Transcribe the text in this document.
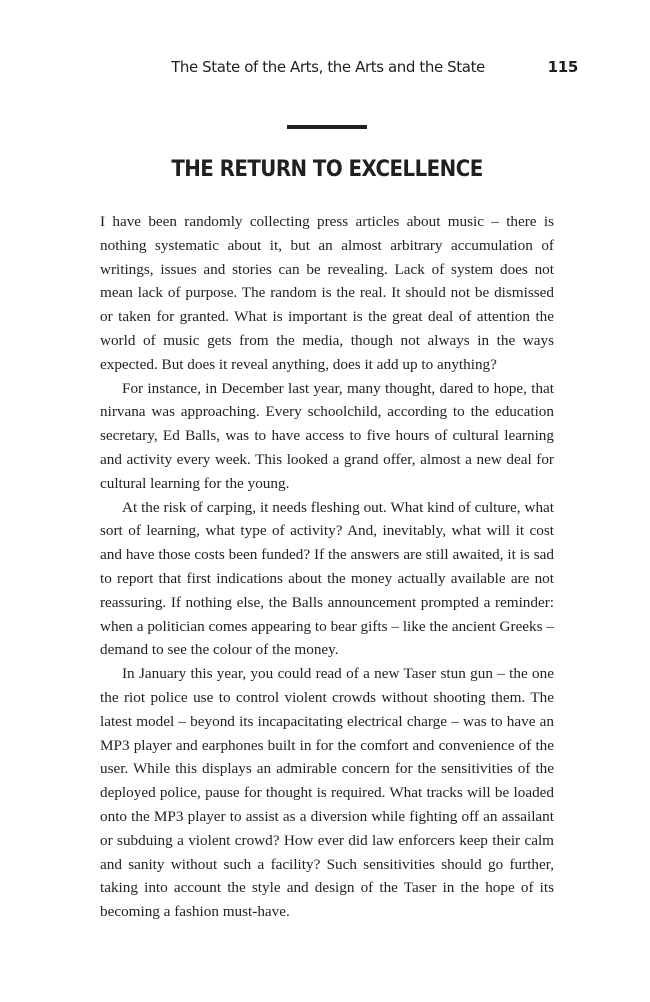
The State of the Arts, the Arts and the State	115
THE RETURN TO EXCELLENCE

I have been randomly collecting press articles about music – there is nothing systematic about it, but an almost arbitrary accumulation of writings, issues and stories can be revealing. Lack of system does not mean lack of purpose. The random is the real. It should not be dismissed or taken for granted. What is important is the great deal of attention the world of music gets from the media, though not always in the ways expected. But does it reveal anything, does it add up to anything?

For instance, in December last year, many thought, dared to hope, that nirvana was approaching. Every schoolchild, according to the education secretary, Ed Balls, was to have access to five hours of cultural learning and activity every week. This looked a grand offer, almost a new deal for cultural learning for the young.

At the risk of carping, it needs fleshing out. What kind of culture, what sort of learning, what type of activity? And, inevitably, what will it cost and have those costs been funded? If the answers are still awaited, it is sad to report that first indications about the money actually available are not reassuring. If nothing else, the Balls announcement prompted a reminder: when a politician comes appearing to bear gifts – like the ancient Greeks – demand to see the colour of the money.

In January this year, you could read of a new Taser stun gun – the one the riot police use to control violent crowds without shooting them. The latest model – beyond its incapacitating electrical charge – was to have an MP3 player and earphones built in for the comfort and convenience of the user. While this displays an admirable concern for the sensitivities of the deployed police, pause for thought is required. What tracks will be loaded onto the MP3 player to assist as a diversion while fighting off an assailant or subduing a violent crowd? How ever did law enforcers keep their calm and sanity without such a facility? Such sensitivities should go further, taking into account the style and design of the Taser in the hope of its becoming a fashion must-have.
